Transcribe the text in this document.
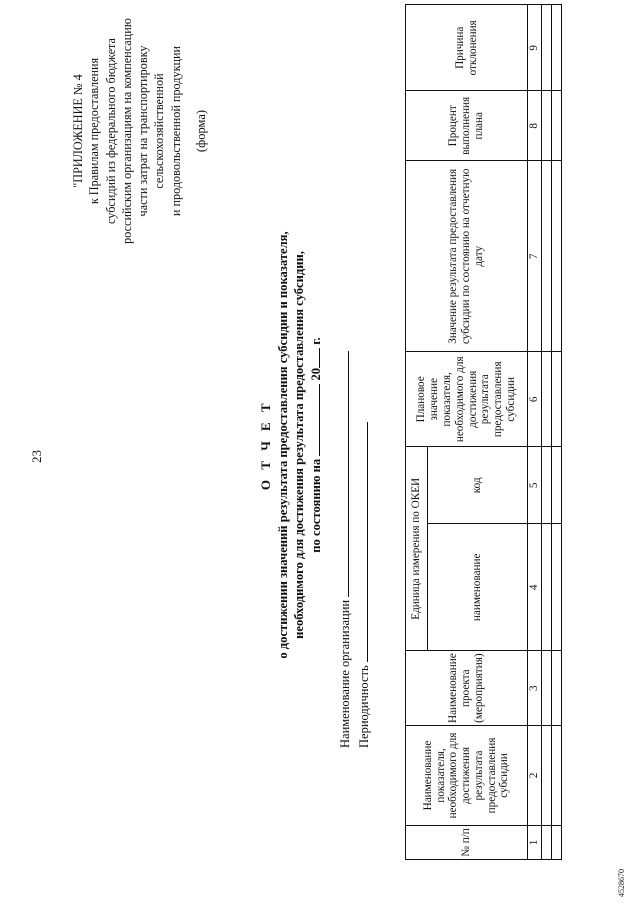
23
"ПРИЛОЖЕНИЕ № 4 к Правилам предоставления субсидий из федерального бюджета российским организациям на компенсацию части затрат на транспортировку сельскохозяйственной и продовольственной продукции (форма)
О Т Ч Е Т о достижении значений результата предоставления субсидии и показателя, необходимого для достижения результата предоставления субсидии, по состоянию на  20 г.
Наименование организации Периодичность
№ п/п	Наименование показателя, необходимого для достижения результата предоставления субсидии	Наименование проекта (мероприятия)	Единица измерения по ОКЕИ		Плановое значение показателя, необходимого для достижения результата предоставления субсидии	Значение результата предоставления субсидии по состоянию на отчетную дату	Процент выполнения плана	Причина отклонения
			наименование	код				
1	2	3	4	5	6	7	8	9

4528670
